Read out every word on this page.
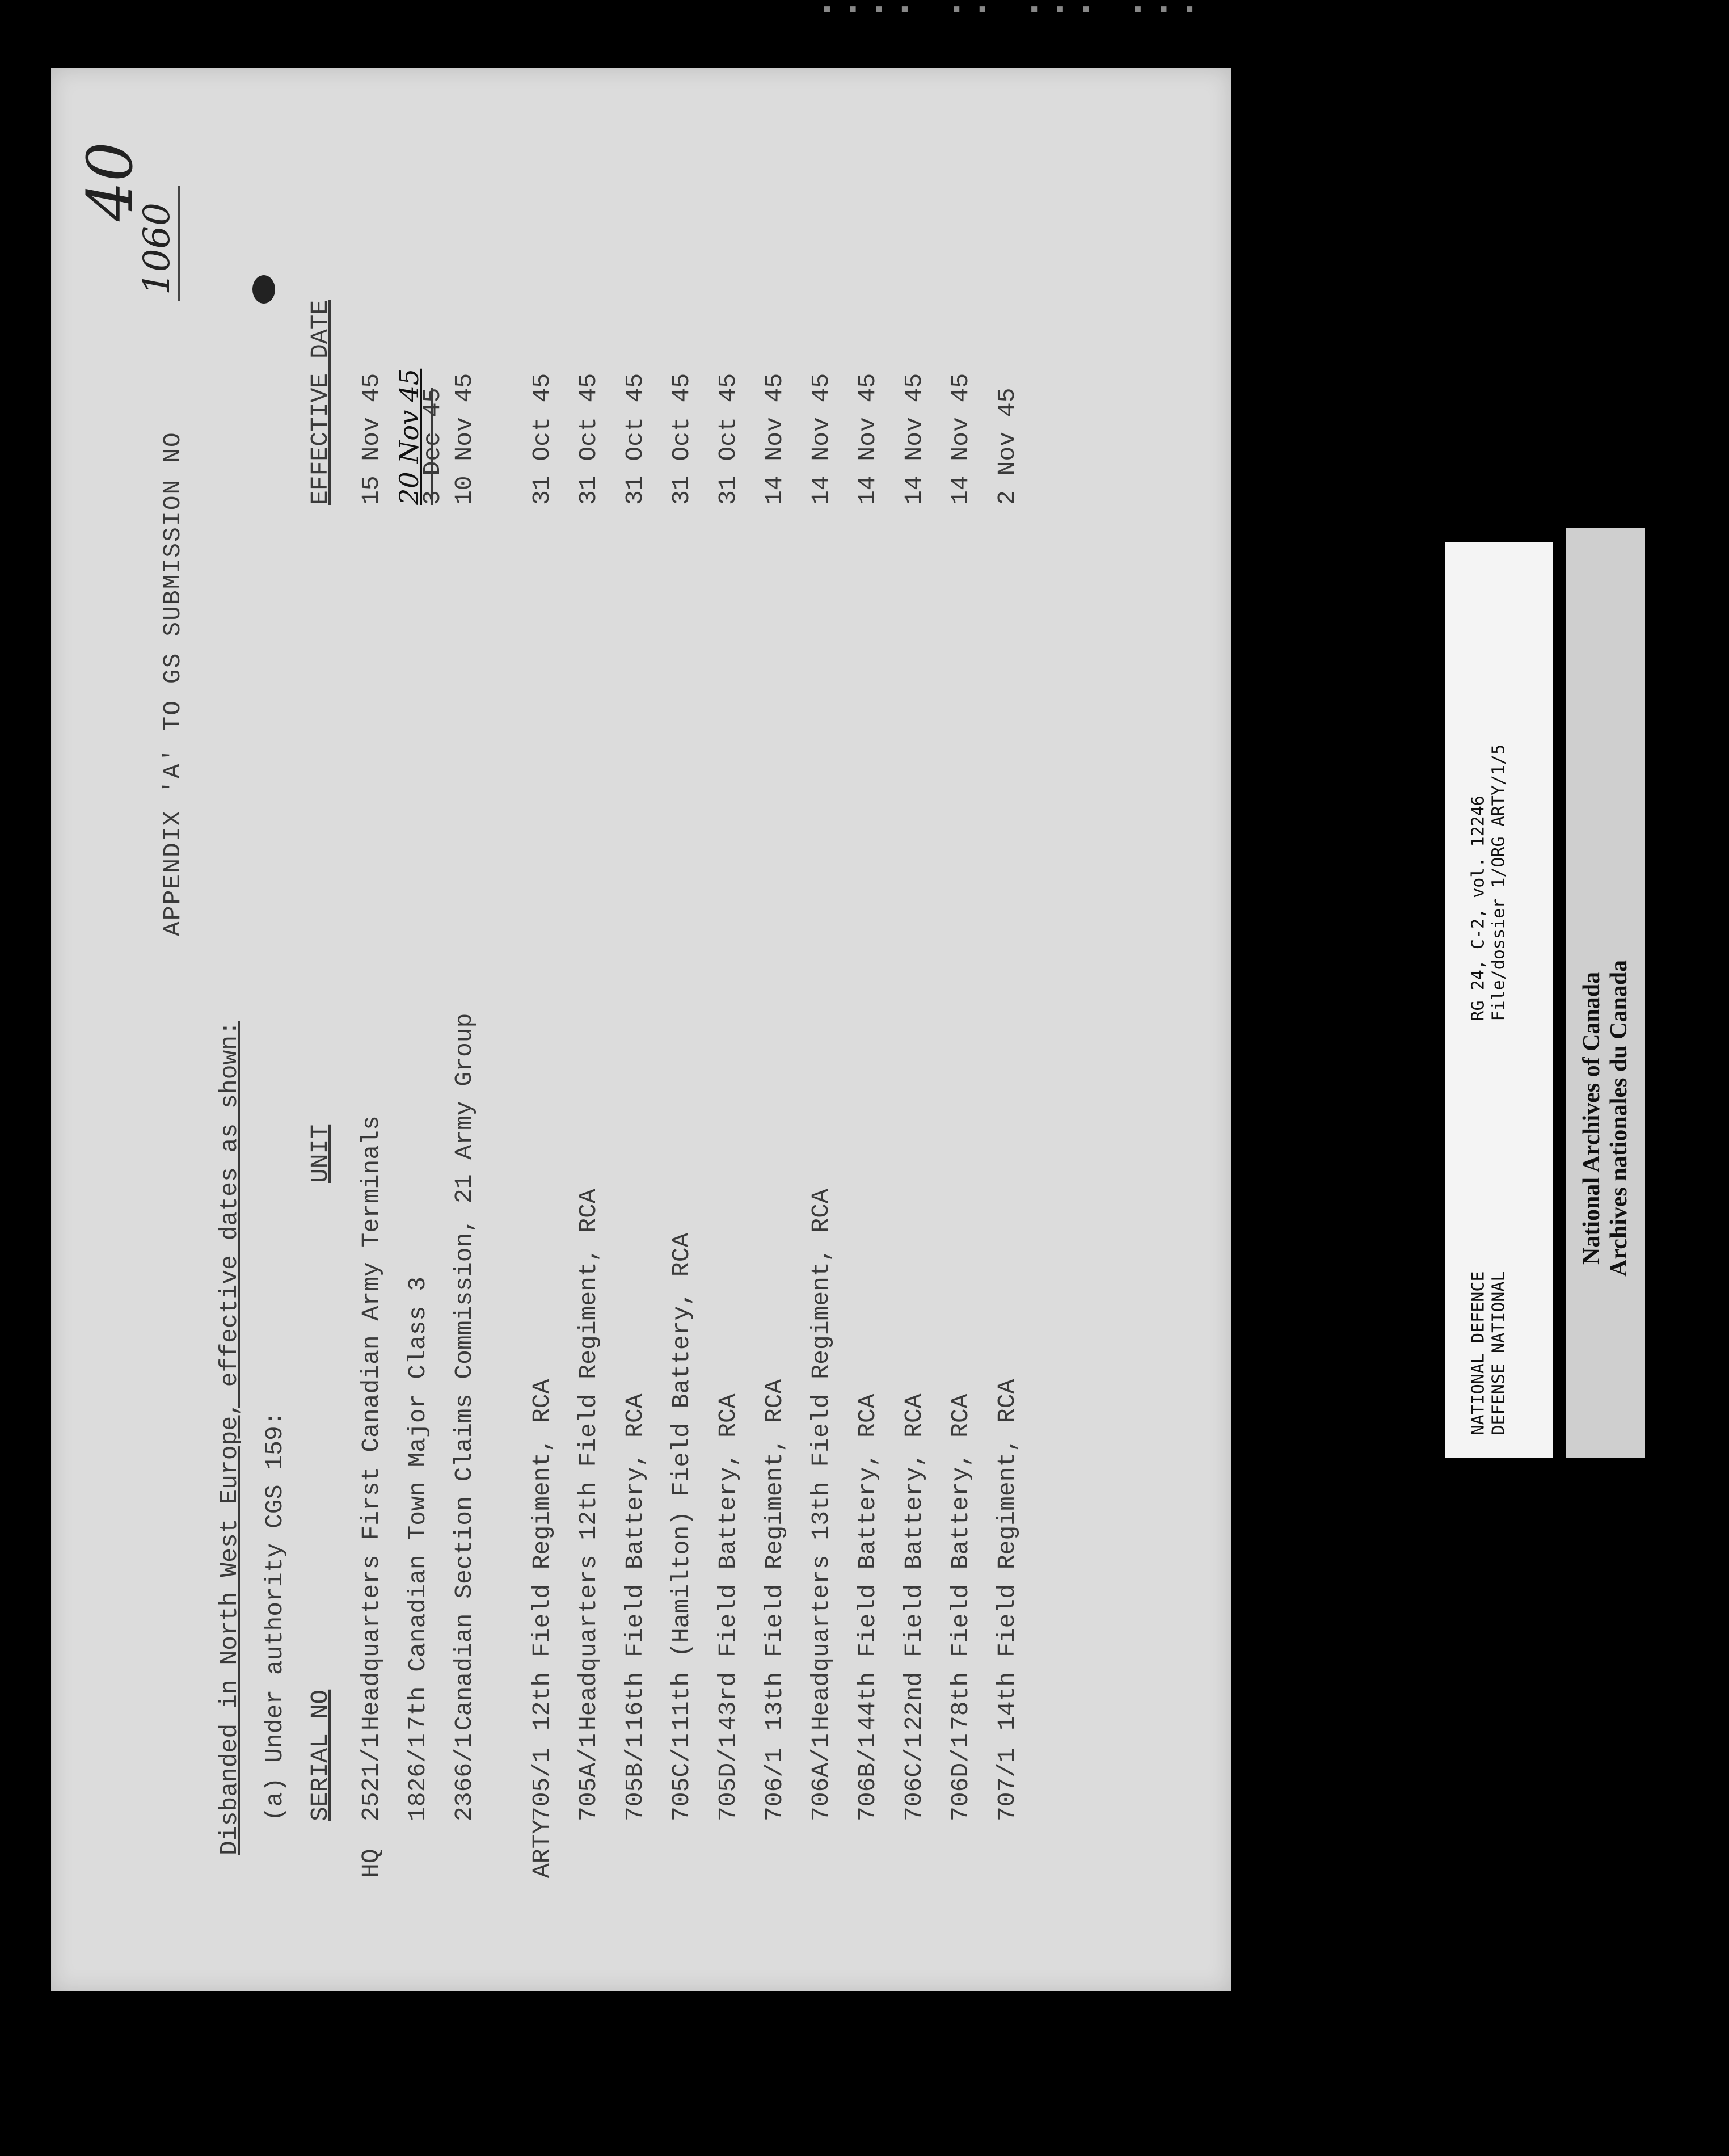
▪▪▪▪ ▪▪ ▪▪▪ ▪▪▪
40
APPENDIX 'A' TO GS SUBMISSION NO
1060
Disbanded in North West Europe, effective dates as shown: (a) Under authority CGS 159: SERIAL NO
UNIT
EFFECTIVE DATE
HQ
2521/1
Headquarters First Canadian Army Terminals
15 Nov 45
1826/1
7th Canadian Town Major Class 3
20 Nov 45
3 Dec 45
2366/1
Canadian Section Claims Commission, 21 Army Group
10 Nov 45
ARTY
705/1
12th Field Regiment, RCA
31 Oct 45
705A/1
Headquarters 12th Field Regiment, RCA
31 Oct 45
705B/1
16th Field Battery, RCA
31 Oct 45
705C/1
11th (Hamilton) Field Battery, RCA
31 Oct 45
705D/1
43rd Field Battery, RCA
31 Oct 45
706/1
13th Field Regiment, RCA
14 Nov 45
706A/1
Headquarters 13th Field Regiment, RCA
14 Nov 45
706B/1
44th Field Battery, RCA
14 Nov 45
706C/1
22nd Field Battery, RCA
14 Nov 45
706D/1
78th Field Battery, RCA
14 Nov 45
707/1
14th Field Regiment, RCA
2 Nov 45
NATIONAL DEFENCE DEFENSE NATIONAL
RG 24, C-2, vol. 12246 File/dossier 1/ORG ARTY/1/5
National Archives of Canada Archives nationales du Canada
